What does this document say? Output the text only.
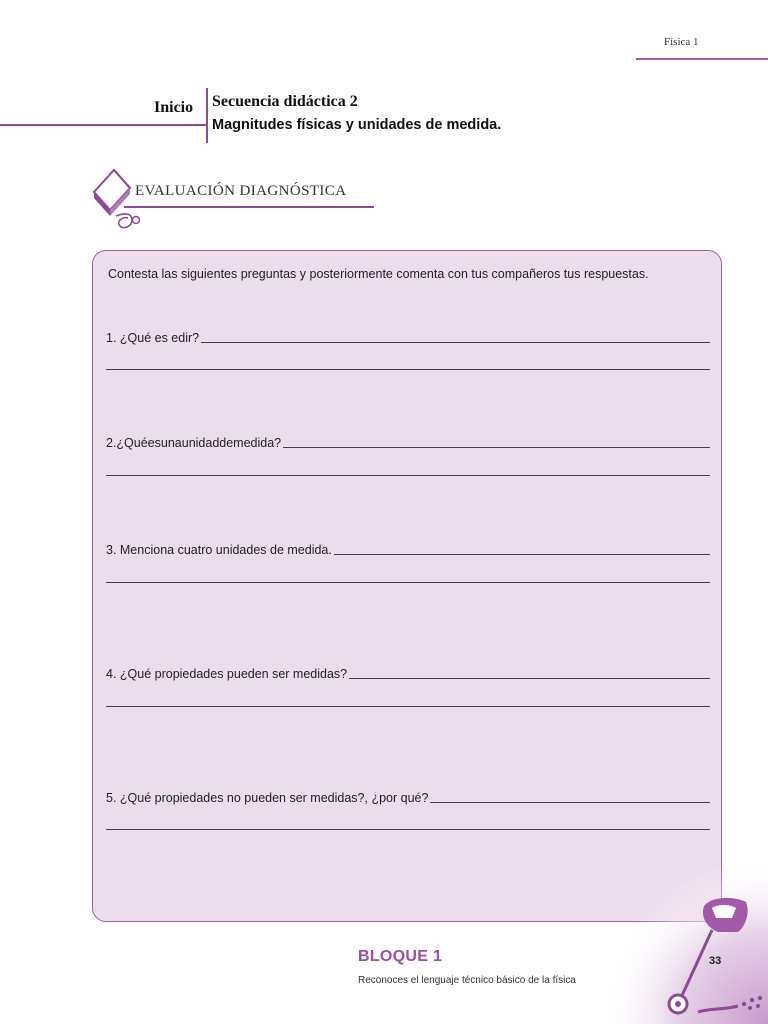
Física 1
Inicio Secuencia didáctica 2
Magnitudes físicas y unidades de medida.
EVALUACIÓN DIAGNÓSTICA
Contesta las siguientes preguntas y posteriormente comenta con tus compañeros tus respuestas.
1. ¿Qué es edir?
2.¿Quéesunaunidaddemedida?
3. Menciona cuatro unidades de medida.
4. ¿Qué propiedades pueden ser medidas?
5. ¿Qué propiedades no pueden ser medidas?, ¿por qué?
BLOQUE 1
Reconoces el lenguaje técnico básico de la física
33
